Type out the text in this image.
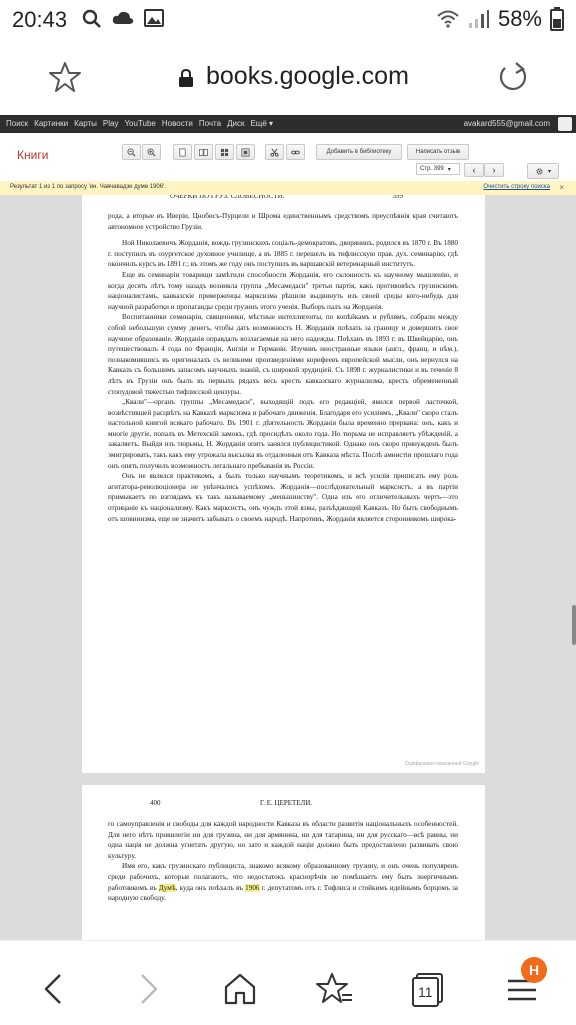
20:43	58%
books.google.com
Поиск Картинки Карты Play YouTube Новости Почта Диск Ещё ▾	avakard555@gmail.com
Книги	Добавить в библиотеку	Написать отзыв
▾
Стр. 399 ▾ ‹ ›
Результат 1 из 1 по запросу 'ин. Чавчавадзе думе 1906'.	Очистить строку поиска ×
ОЧЕРКИ ПО ГРУЗ. СЛОВЕСНОСТИ.	399

рода, а вторые въ Иверіи, Цнобисъ-Пурцели и Шрома единственнымъ средствомъ преуспѣянія края считаютъ автономное устройство Грузіи.

Ной Николаевичъ Жорданія, вождь грузинскихъ соціалъ-демократовъ, дворянинъ, родился въ 1870 г. Въ 1880 г. поступилъ въ озургетское духовное училище, а въ 1885 г. перешелъ въ тифлисскую прав. дух. семинарію, гдѣ окончилъ курсъ въ 1891 г.; въ этомъ же году онъ поступилъ въ варшавскій ветеринарный институтъ.

Еще въ семинаріи товарищи замѣтили способности Жорданія, его склонность къ научному мышленію, и когда десять лѣтъ тому назадъ возникла группа „Месамедаси" третьи партія, какъ противовѣсъ грузинскимъ націоналистамъ, кавказскіе приверженцы марксизма рѣшили выдвинуть изъ своей среды кого-нибудь для научной разработки и пропаганды среди грузинъ этого ученія. Выборъ палъ на Жорданія.

Воспитанники семинаріи, священники, мѣстные интеллигенты, по копѣйкамъ и рублямъ, собрали между собой небольшую сумму денегъ, чтобы дать возможность Н. Жорданія поѣхать за границу и довершить свое научное образованіе. Жорданія оправдалъ возлагаемыя на него надежды. Поѣхавъ въ 1893 г. въ Швейцарію, онъ путешествовалъ 4 года по Франціи, Англіи и Германіи. Изучивъ иностранные языки (англ., франц. и нѣм.), познакомившись въ оригиналахъ съ великими произведеніями корифеевъ европейской мысли, онъ вернулся на Кавказъ съ большимъ запасомъ научныхъ знаній, съ широкой эрудиціей. Съ 1898 г. журналистики и въ теченіе 8 лѣтъ въ Грузіи онъ былъ въ первыхъ рядахъ весь кресть кавказскаго журнализма, кресть обремененный стопудовой тяжестью тифлисской цензуры.

„Квали"—органъ группы „Месамедаси", выходящій подъ его редакціей, явился первой ласточкой, возвѣстившей расцвѣтъ на Кавказѣ марксизма и рабочаго движенія. Благодаря его усиліямъ, „Квали" скоро сталъ настольной книгой всякаго рабочаго. Въ 1901 г. дѣятельность Жорданія была временно прервана: онъ, какъ и многіе другіе, попалъ въ Метехскій замокъ, гдѣ просидѣлъ около года. Но тюрьма не исправляетъ убѣжденій, а закаляетъ. Выйдя изъ тюрьмы, Н. Жорданія опять занялся публицистикой. Однако онъ скоро принужденъ былъ эмигрировать, такъ какъ ему угрожала высылка въ отдаленныя отъ Кавказа мѣста. Послѣ амнистіи прошлаго года онъ опять получилъ возможность легальнаго пребыванія въ Россіи.

Онъ не являлся практикомъ, а былъ только научнымъ теоретикомъ, и всѣ усилія приписать ему роль агитатора-революціонера не увѣнчались успѣхомъ. Жорданія—послѣдовательный марксистъ, а въ партіи примыкаетъ по взглядамъ къ такъ называемому „меньшинству". Одна изъ его отличительныхъ чертъ—это отрицаніе къ націонализму. Какъ марксистъ, онъ чуждъ этой язвы, разъѣдающей Кавказъ. Но быть свободнымъ отъ шовинизма, еще не значитъ забывать о своемъ народѣ. Напротивъ, Жорданія является сторонникомъ широка-

Оцифровано компанией Google
400	Г. Е. ЦЕРЕТЕЛИ.

го самоуправленія и свободы для каждой народности Кавказа въ области развитія національныхъ особенностей. Для него нѣтъ привилегіи ни для грузина, ни для армянина, ни для татарина, ни для русскаго—всѣ равны, ни одна нація не должна угнетать другую, но зато и каждой націи должно быть предоставлено развивать свою культуру.

Имя его, какъ грузинскаго публициста, знакомо всякому образованному грузину, и онъ очень популяренъ среди рабочихъ, которые полагаютъ, что недостатокъ краснорѣчія не помѣшаетъ ему быть энергичнымъ работникомъ въ Думѣ, куда онъ поѣхалъ въ 1906 г. депутатомъ отъ г. Тифлиса и стойкимъ идейнымъ борцомъ за народную свободу.

11
Н
